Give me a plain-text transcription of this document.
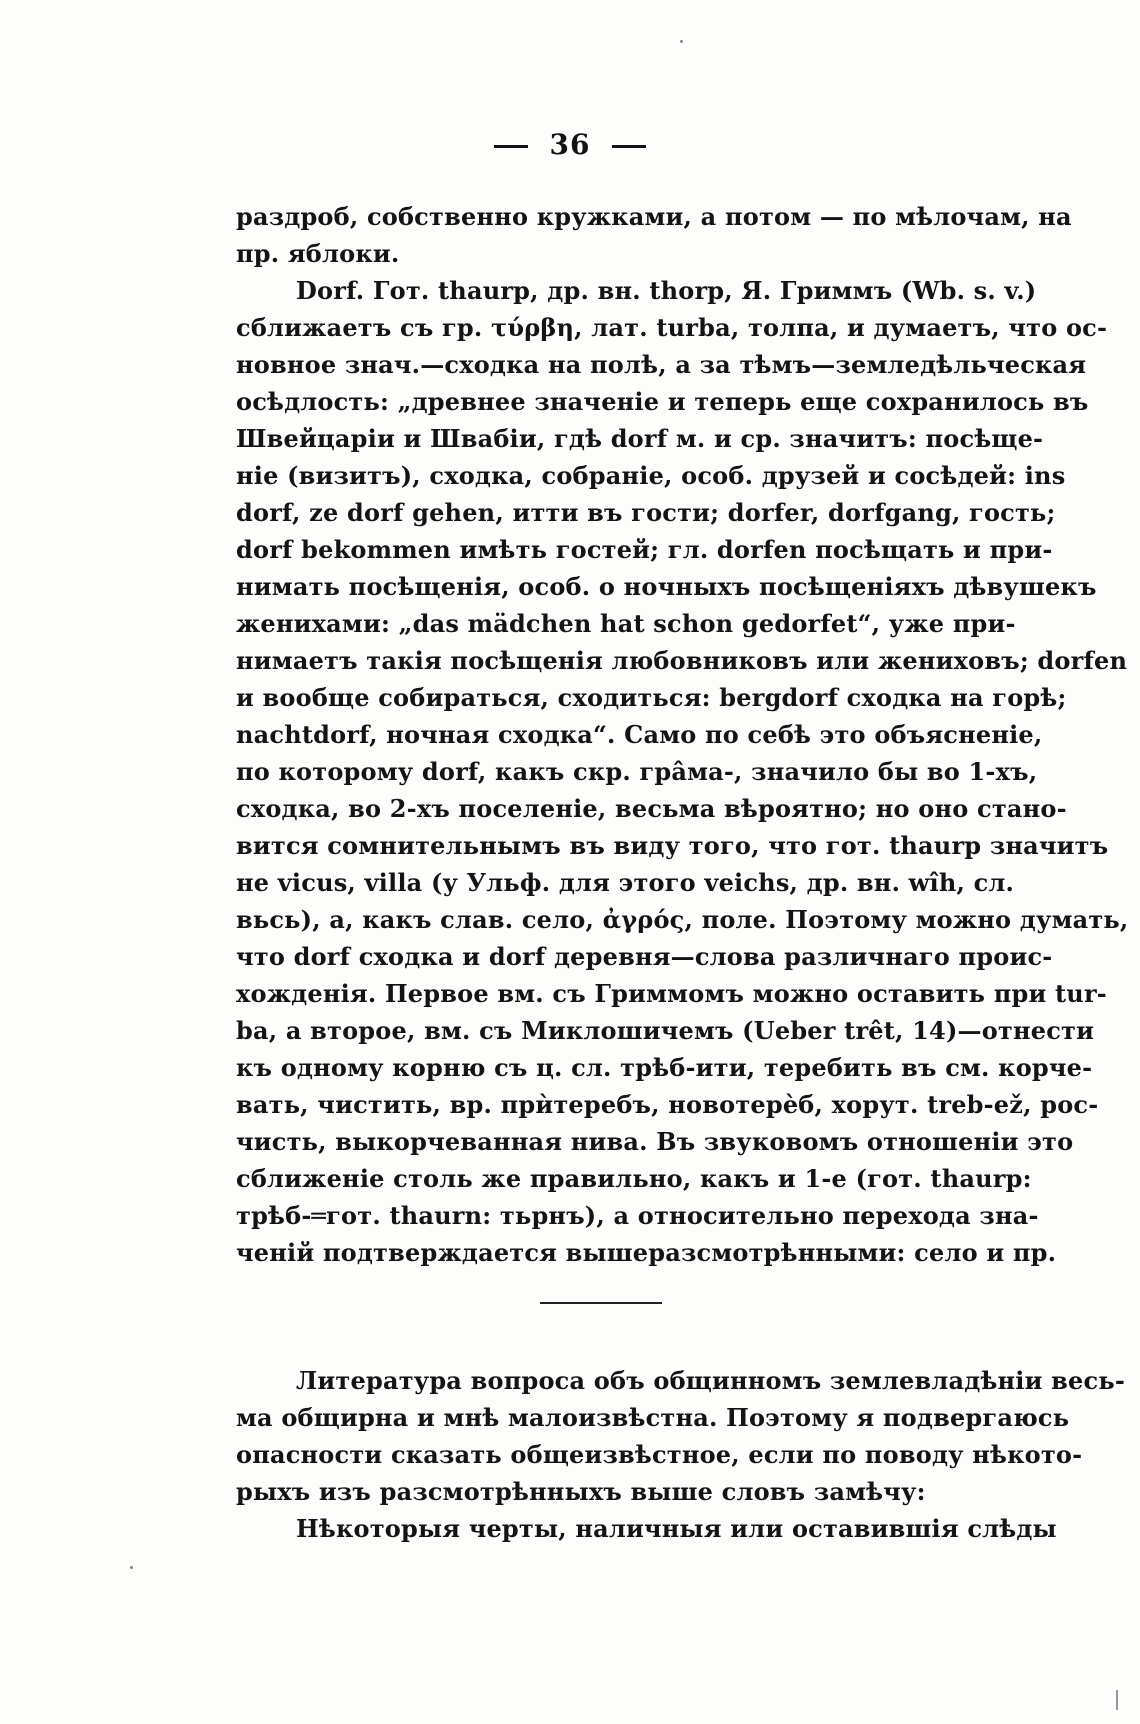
36
раздроб, собственно кружками, а потом — по мѣлочам, на
пр. яблоки.
Dorf. Гот. thaurp, др. вн. thorp, Я. Гриммъ (Wb. s. v.)
сближаетъ съ гр. τύρβη, лат. turba, толпа, и думаетъ, что ос-
новное знач.—сходка на полѣ, а за тѣмъ—земледѣльческая
осѣдлость: „древнее значеніе и теперь еще сохранилось въ
Швейцаріи и Швабіи, гдѣ dorf м. и ср. значитъ: посѣще-
ніе (визитъ), сходка, собраніе, особ. друзей и сосѣдей: ins
dorf, ze dorf gehen, итти въ гости; dorfer, dorfgang, гость;
dorf bekommen имѣть гостей; гл. dorfen посѣщать и при-
нимать посѣщенія, особ. о ночныхъ посѣщеніяхъ дѣвушекъ
женихами: „das mädchen hat schon gedorfet“, уже при-
нимаетъ такія посѣщенія любовниковъ или жениховъ; dorfen
и вообще собираться, сходиться: bergdorf сходка на горѣ;
nachtdorf, ночная сходка“. Само по себѣ это объясненіе,
по которому dorf, какъ скр. грâма-, значило бы во 1-хъ,
сходка, во 2-хъ поселеніе, весьма вѣроятно; но оно стано-
вится сомнительнымъ въ виду того, что гот. thaurp значитъ
не vicus, villa (у Ульф. для этого veichs, др. вн. wîh, сл.
вьсь), а, какъ слав. село, ἀγρός, поле. Поэтому можно думать,
что dorf сходка и dorf деревня—слова различнаго проис-
хожденія. Первое вм. съ Гриммомъ можно оставить при tur-
ba, а второе, вм. съ Миклошичемъ (Ueber trêt, 14)—отнести
къ одному корню съ ц. сл. трѣб-ити, теребить въ см. корче-
вать, чистить, вр. прѝтеребъ, новотерѐб, хорут. treb-ež, рос-
чисть, выкорчеванная нива. Въ звуковомъ отношеніи это
сближеніе столь же правильно, какъ и 1-е (гот. thaurp:
трѣб-═гот. thaurn: тьрнъ), а относительно перехода зна-
ченій подтверждается вышеразсмотрѣнными: село и пр.
Литература вопроса объ общинномъ землевладѣніи весь-
ма общирна и мнѣ малоизвѣстна. Поэтому я подвергаюсь
опасности сказать общеизвѣстное, если по поводу нѣкото-
рыхъ изъ разсмотрѣнныхъ выше словъ замѣчу:
Нѣкоторыя черты, наличныя или оставившія слѣды
